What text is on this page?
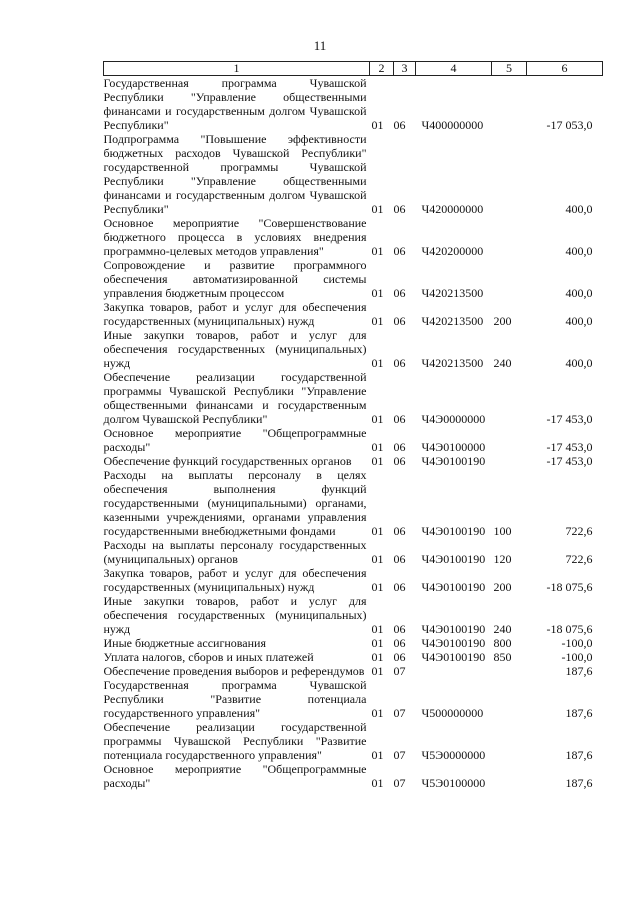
11
1	2	3	4	5	6
Государственная программа Чувашской Республики "Управление общественными финансами и государственным долгом Чувашской Республики"	01	06	Ч400000000		-17 053,0
Подпрограмма "Повышение эффективности бюджетных расходов Чувашской Республики" государственной программы Чувашской Республики "Управление общественными финансами и государственным долгом Чувашской Республики"	01	06	Ч420000000		400,0
Основное мероприятие "Совершенствование бюджетного процесса в условиях внедрения программно-целевых методов управления"	01	06	Ч420200000		400,0
Сопровождение и развитие программного обеспечения автоматизированной системы управления бюджетным процессом	01	06	Ч420213500		400,0
Закупка товаров, работ и услуг для обеспечения государственных (муниципальных) нужд	01	06	Ч420213500	200	400,0
Иные закупки товаров, работ и услуг для обеспечения государственных (муниципальных) нужд	01	06	Ч420213500	240	400,0
Обеспечение реализации государственной программы Чувашской Республики "Управление общественными финансами и государственным долгом Чувашской Республики"	01	06	Ч4Э0000000		-17 453,0
Основное мероприятие "Общепрограммные расходы"	01	06	Ч4Э0100000		-17 453,0
Обеспечение функций государственных органов	01	06	Ч4Э0100190		-17 453,0
Расходы на выплаты персоналу в целях обеспечения выполнения функций государственными (муниципальными) органами, казенными учреждениями, органами управления государственными внебюджетными фондами	01	06	Ч4Э0100190	100	722,6
Расходы на выплаты персоналу государственных (муниципальных) органов	01	06	Ч4Э0100190	120	722,6
Закупка товаров, работ и услуг для обеспечения государственных (муниципальных) нужд	01	06	Ч4Э0100190	200	-18 075,6
Иные закупки товаров, работ и услуг для обеспечения государственных (муниципальных) нужд	01	06	Ч4Э0100190	240	-18 075,6
Иные бюджетные ассигнования	01	06	Ч4Э0100190	800	-100,0
Уплата налогов, сборов и иных платежей	01	06	Ч4Э0100190	850	-100,0
Обеспечение проведения выборов и референдумов	01	07			187,6
Государственная программа Чувашской Республики "Развитие потенциала государственного управления"	01	07	Ч500000000		187,6
Обеспечение реализации государственной программы Чувашской Республики "Развитие потенциала государственного управления"	01	07	Ч5Э0000000		187,6
Основное мероприятие "Общепрограммные расходы"	01	07	Ч5Э0100000		187,6
